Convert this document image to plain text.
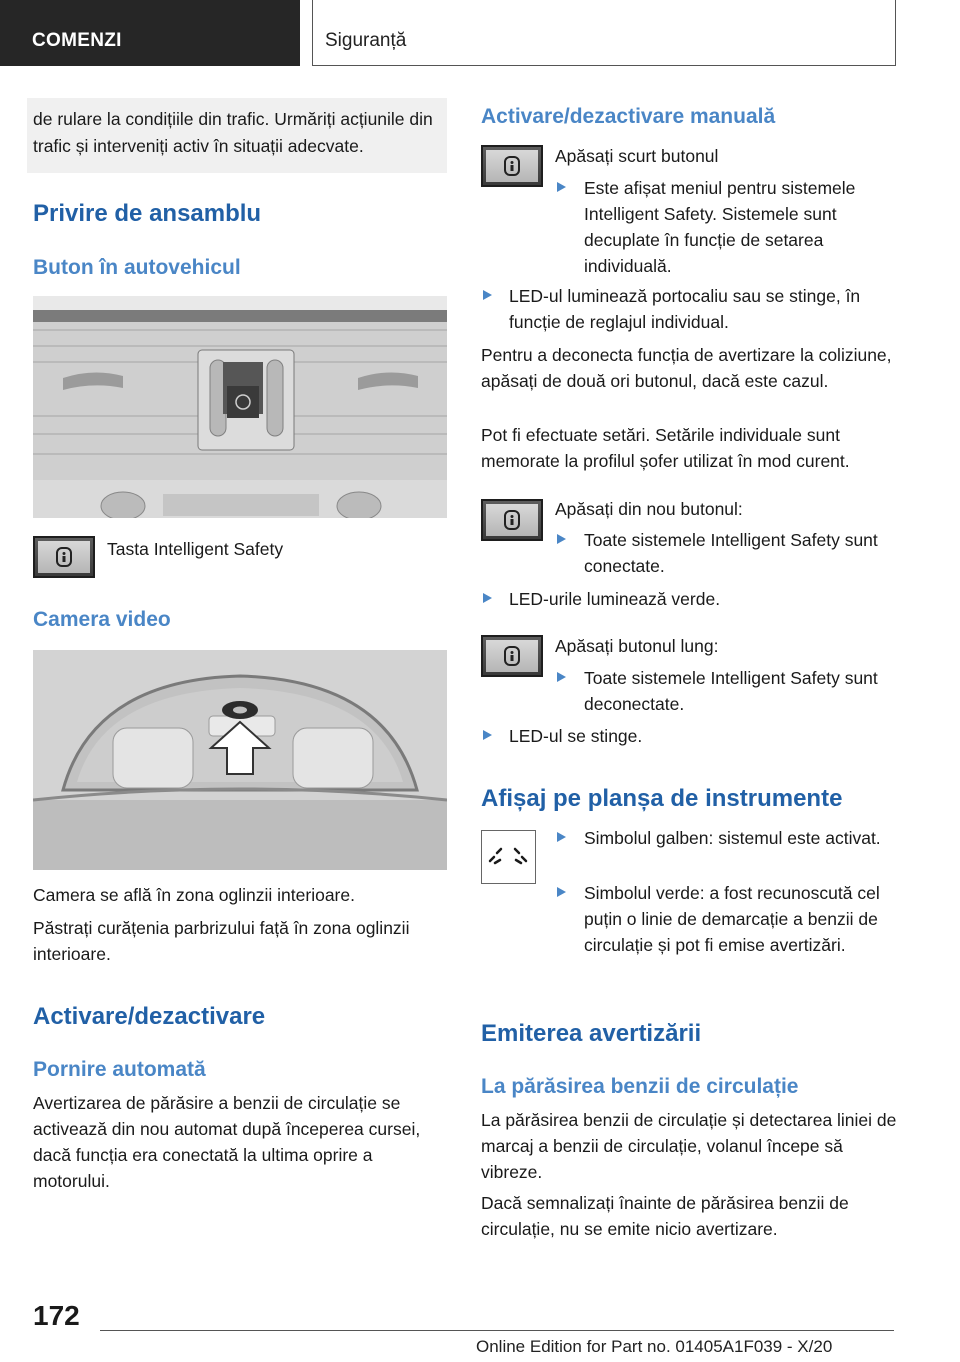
COMENZI	Siguranță
de rulare la condițiile din trafic. Urmăriți acțiunile din trafic și interveniți activ în situații adecvate.
Privire de ansamblu
Buton în autovehicul

Tasta Intelligent Safety

Camera video

Camera se află în zona oglinzii interioare.

Păstrați curățenia parbrizului față în zona oglinzii interioare.

Activare/dezactivare
Pornire automată

Avertizarea de părăsire a benzii de circulație se activează din nou automat după începerea cursei, dacă funcția era conectată la ultima oprire a motorului.

Activare/dezactivare manuală

Apăsați scurt butonul

Este afișat meniul pentru sistemele Intelligent Safety. Sistemele sunt decuplate în funcție de setarea individuală.
LED-ul luminează portocaliu sau se stinge, în funcție de reglajul individual.

Pentru a deconecta funcția de avertizare la coliziune, apăsați de două ori butonul, dacă este cazul.

Pot fi efectuate setări. Setările individuale sunt memorate la profilul șofer utilizat în mod curent.

Apăsați din nou butonul:

Toate sistemele Intelligent Safety sunt conectate.
LED-urile luminează verde.

Apăsați butonul lung:

Toate sistemele Intelligent Safety sunt deconectate.
LED-ul se stinge.
Afișaj pe planșa de instrumente
Simbolul galben: sistemul este activat.
Simbolul verde: a fost recunoscută cel puțin o linie de demarcație a benzii de circulație și pot fi emise avertizări.
Emiterea avertizării
La părăsirea benzii de circulație

La părăsirea benzii de circulație și detectarea liniei de marcaj a benzii de circulație, volanul începe să vibreze.

Dacă semnalizați înainte de părăsirea benzii de circulație, nu se emite nicio avertizare.

172
Online Edition for Part no. 01405A1F039 - X/20
